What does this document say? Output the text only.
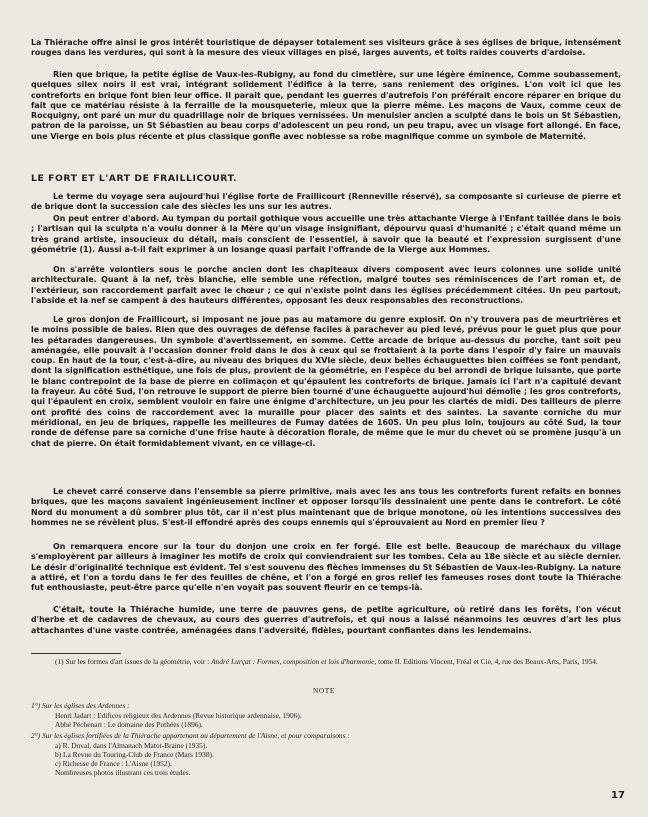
La Thiérache offre ainsi le gros intérêt touristique de dépayser totalement ses visiteurs grâce à ses églises de brique, intensément rouges dans les verdures, qui sont à la mesure des vieux villages en pisé, larges auvents, et toits raides couverts d'ardoise.

Rien que brique, la petite église de Vaux-les-Rubigny, au fond du cimetière, sur une légère éminence, Comme soubassement, quelques silex noirs il est vrai, intégrant solidement l'édifice à la terre, sans reniement des origines. L'on voit ici que les contreforts en brique font bien leur office. Il parait que, pendant les guerres d'autrefois l'on préférait encore réparer en brique du fait que ce matériau résiste à la ferraille de la mousqueterie, mieux que la pierre même. Les maçons de Vaux, comme ceux de Rocquigny, ont paré un mur du quadrillage noir de briques vernissées. Un menuisier ancien a sculpté dans le bois un St Sébastien, patron de la paroisse, un St Sébastien au beau corps d'adolescent un peu rond, un peu trapu, avec un visage fort allongé. En face, une Vierge en bois plus récente et plus classique gonfle avec noblesse sa robe magnifique comme un symbole de Maternité.

LE FORT ET L'ART DE FRAILLICOURT.

Le terme du voyage sera aujourd'hui l'église forte de Fraillicourt (Renneville réservé), sa composante si curieuse de pierre et de brique dont la succession cale des siècles les uns sur les autres.

On peut entrer d'abord. Au tympan du portail gothique vous accueille une très attachante Vierge à l'Enfant taillée dans le bois ; l'artisan qui la sculpta n'a voulu donner à la Mère qu'un visage insignifiant, dépourvu quasi d'humanité ; c'était quand même un très grand artiste, insoucieux du détail, mais conscient de l'essentiel, à savoir que la beauté et l'expression surgissent d'une géométrie (1). Aussi a-t-il fait exprimer à un losange quasi parfait l'offrande de la Vierge aux Hommes.

On s'arrête volontiers sous le porche ancien dont les chapiteaux divers composent avec leurs colonnes une solide unité architecturale. Quant à la nef, très blanche, elle semble une réfection, malgré toutes ses réminiscences de l'art roman et, de l'extérieur, son raccordement parfait avec le chœur ; ce qui n'existe point dans les églises précédemment citées. Un peu partout, l'abside et la nef se campent à des hauteurs différentes, opposant les deux responsables des reconstructions.

Le gros donjon de Fraillicourt, si imposant ne joue pas au matamore du genre explosif. On n'y trouvera pas de meurtrières et le moins possible de baies. Rien que des ouvrages de défense faciles à parachever au pied levé, prévus pour le guet plus que pour les pétarades dangereuses. Un symbole d'avertissement, en somme. Cette arcade de brique au-dessus du porche, tant soit peu aménagée, elle pouvait à l'occasion donner froid dans le dos à ceux qui se frottaient à la porte dans l'espoir d'y faire un mauvais coup. En haut de la tour, c'est-à-dire, au niveau des briques du XVIe siècle, deux belles échauguettes bien coiffées se font pendant, dont la signification esthétique, une fois de plus, provient de la géométrie, en l'espèce du bel arrondi de brique luisante, que porte le blanc contrepoint de la base de pierre en colimaçon et qu'épaulent les contreforts de brique. Jamais ici l'art n'a capitulé devant la frayeur. Au côté Sud, l'on retrouve le support de pierre bien tourné d'une échauguette aujourd'hui démolie ; les gros contreforts, qui l'épaulent en croix, semblent vouloir en faire une énigme d'architecture, un jeu pour les clartés de midi. Des tailleurs de pierre ont profité des coins de raccordement avec la muraille pour placer des saints et des saintes. La savante corniche du mur méridional, en jeu de briques, rappelle les meilleures de Fumay datées de 1605. Un peu plus loin, toujours au côté Sud, la tour ronde de défense pare sa corniche d'une frise haute à décoration florale, de même que le mur du chevet où se promène jusqu'à un chat de pierre. On était formidablement vivant, en ce village-ci.

Le chevet carré conserve dans l'ensemble sa pierre primitive, mais avec les ans tous les contreforts furent refaits en bonnes briques, que les maçons savaient ingénieusement incliner et opposer lorsqu'ils dessinaient une pente dans le contrefort. Le côté Nord du monument a dû sombrer plus tôt, car il n'est plus maintenant que de brique monotone, où les intentions successives des hommes ne se révèlent plus. S'est-il effondré après des coups ennemis qui s'éprouvaient au Nord en premier lieu ?

On remarquera encore sur la tour du donjon une croix en fer forgé. Elle est belle. Beaucoup de maréchaux du village s'employèrent par ailleurs à imaginer les motifs de croix qui conviendraient sur les tombes. Cela au 18e siècle et au siècle dernier. Le désir d'originalité technique est évident. Tel s'est souvenu des flèches immenses du St Sébastien de Vaux-les-Rubigny. La nature a attiré, et l'on a tordu dans le fer des feuilles de chêne, et l'on a forgé en gros relief les fameuses roses dont toute la Thiérache fut enthousiaste, peut-être parce qu'elle n'en voyait pas souvent fleurir en ce temps-là.

C'était, toute la Thiérache humide, une terre de pauvres gens, de petite agriculture, où retiré dans les forêts, l'on vécut d'herbe et de cadavres de chevaux, au cours des guerres d'autrefois, et qui nous a laissé néanmoins les œuvres d'art les plus attachantes d'une vaste contrée, aménagées dans l'adversité, fidèles, pourtant confiantes dans les lendemains.

(1) Sur les formes d'art issues de la géométrie, voir : André Lurçat : Formes, composition et lois d'harmonie, tome II. Editions Vincent, Fréal et Cie, 4, rue des Beaux-Arts, Paris, 1954.

NOTE

1°) Sur les églises des Ardennes :

Henri Jadart : Edifices religieux des Ardennes (Revue historique ardennaise, 1906).

Abbé Péchenart : Le domaine des Pothées (1896).

2°) Sur les églises fortifiées de la Thiérache appartenant au département de l'Aisne, et pour comparaisons :

a) R. Duval, dans l'Almanach Matot-Braine (1935).

b) La Revue du Touring-Club de France (Mars 1938).

c) Richesse de France : L'Aisne (1952).

Nombreuses photos illustrant ces trois études.

17
